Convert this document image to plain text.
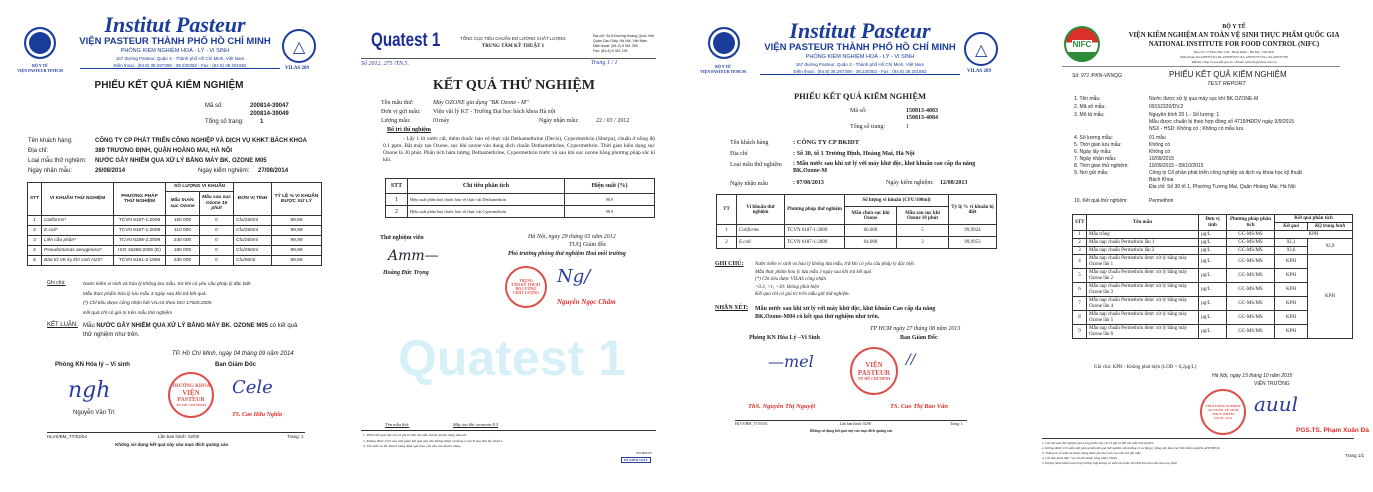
BỘ Y TẾ
VIỆN PASTEUR TP.HCM
Institut Pasteur
VIỆN PASTEUR THÀNH PHỐ HỒ CHÍ MINH
PHÒNG KIỂM NGHIỆM HOÁ - LÝ - VI SINH
167 đường Pasteur, Quận 3 - Thành phố Hồ Chí Minh, Việt Nam
Điện thoại : (84.8) 38.297308 - 38.230352 - Fax : (84.8) 38.201882
△
VILAS 209
PHIẾU KẾT QUẢ KIỂM NGHIỆM
Mã số:	200814-39047
200814-39049
Tổng số trang:	1
Tên khách hàng:	CÔNG TY CP PHÁT TRIỂN CÔNG NGHIỆP VÀ DỊCH VỤ KHKT BÁCH KHOA
Địa chỉ:	389 TRƯƠNG ĐỊNH, QUẬN HOÀNG MAI, HÀ NỘI
Loại mẫu thử nghiệm: NƯỚC GÂY NHIỄM QUA XỬ LÝ BẰNG MÁY BK. OZONE M05
Ngày nhận mẫu:	26/08/2014	Ngày kiểm nghiệm: 27/08/2014
STT	VI KHUẨN THỬ NGHIỆM	PHƯƠNG PHÁP THỬ NGHIỆM	SỐ LƯỢNG VI KHUẨN		ĐƠN VỊ TÍNH	TỶ LỆ % VI KHUẨN ĐƯỢC XỬ LÝ
			Mẫu trước sục Ozone	Mẫu sau sục Ozone 15 phút		
1	Coliforms*	TCVN 6187-1:2009	150 000	0	Cfu/250ml	99,99
2	E.coli*	TCVN 6187-1:2009	110 000	0	Cfu/250ml	99,99
3	Liên cầu phân*	TCVN 6189-2:2009	240 000	0	Cfu/250ml	99,99
4	Pseudomonas aeruginosa*	ISO 16266:2006 (E)	180 000	0	Cfu/250ml	99,99
5	Bào tử VK kỵ khí sinh H2S*	TCVN 6191-2:1996	230 000	0	Cfu/50ml	99,99
Ghi chú:	Nước kiểm vi sinh và hóa lý không lưu mẫu, trừ khi có yêu cầu pháp lý đặc biệt
Mẫu thực phẩm hóa lý lưu mẫu 3 ngày sau khi trả kết quả.
(*) Chỉ tiêu được công nhận bởi VILAS theo ISO 17025:2005
Kết quả chỉ có giá trị trên mẫu thử nghiệm
KẾT LUẬN: Mẫu NƯỚC GÂY NHIỄM QUA XỬ LÝ BẰNG MÁY BK. OZONE M05 có kết quả thử nghiệm như trên.
TP. Hồ Chí Minh, ngày 04 tháng 09 năm 2014
Phòng KN Hóa lý – Vi sinh	Ban Giám Đốc
ngh
Nguyễn Văn Trí
TRƯỞNG KHOA
VIỆN
PASTEUR
TP. HỒ CHÍ MINH
Cele
TS. Cao Hữu Nghĩa
HLVS/BM_TT/03/04	Lần ban hành: 02/00	Trang: 1
Không sử dụng kết quả này vào mục đích quảng cáo
Quatest 1
Quatest 1	TỔNG CỤC TIÊU CHUẨN ĐO LƯỜNG CHẤT LƯỢNG
TRUNG TÂM KỸ THUẬT 1
Địa chỉ: Số 8 Đường Hoàng Quốc Việt
Quận Cầu Giấy, Hà Nội, Việt Nam
Điện thoại: (84-4) 8 361 399
Fax: (84-4) 8 361 199
Số 2012. 275 /TN.5.	Trang 1 / 1
KẾT QUẢ THỬ NGHIỆM
Tên mẫu thử:	Máy OZONE gia dụng "BK Ozone - M"
Đơn vị gửi mẫu: Viện vật lý KT - Trường Đại học bách khoa Hà nội
Lượng mẫu:	01máy	Ngày nhận mẫu:	22 / 03 / 2012
Bố trí thí nghiệm
- Lấy 1 lít nước cất, thêm thuốc bảo vệ thực vật Dethamethrine (Decis), Cypermethrin (Sherpa), chuẩn ở nồng độ 0.1 ppm. Bật máy tạo Ozone, sục khí ozone vào dung dịch chuẩn Dethamethrine, Cypermethrin. Thời gian hiệu dụng sục Ozone là 30 phút. Phân tích hàm lượng Dethamethrine, Cypermethrin trước và sau khi sục ozone bằng phương pháp sắc kí khí.
STT	Chỉ tiêu phân tích	Hiệu suất (%)
1	Hiệu suất phân huỷ thuốc bảo vệ thực vật Dethamethrin	98.9
2	Hiệu suất phân huỷ thuốc bảo vệ thực vật Cypermethrin	98.9
Thử nghiệm viên	Hà Nội, ngày 29 tháng 03 năm 2012
TUQ Giám đốc
Phó trưởng phòng thử nghiệm Hoá môi trường
Amm—
Hoàng Đức Trọng
TRUNG
TÂM KỸ THUẬT
ĐO LƯỜNG
CHẤT LƯỢNG
Ng/
Nguyễn Ngọc Châm
Tên mẫu thử:	Máy tạo khí ozonezin 8.3
1. Phiếu kết quả này chỉ có giá trị đối với mẫu thử do khách hàng đưa tới.
2. Không được trích sao một phần kết quả này nếu không được sự đồng ý của Trung tâm Kỹ thuật 1.
3. Tên mẫu và tên khách hàng được ghi theo yêu cầu của khách hàng.
TN/BM/03
ĐÃ KIỂM SOÁT
BỘ Y TẾ
VIỆN PASTEUR TP.HCM
Institut Pasteur
VIỆN PASTEUR THÀNH PHỐ HỒ CHÍ MINH
PHÒNG KIỂM NGHIỆM HOÁ - LÝ - VI SINH
167 đường Pasteur, Quận 3 - Thành phố Hồ Chí Minh, Việt Nam
Điện thoại : (84.8) 38.297308 - 38.230352 - Fax : (84.8) 38.201882
△
VILAS 209
PHIẾU KẾT QUẢ KIỂM NGHIỆM
Mã số:	150813-4083
150813-4084
Tổng số trang:	1
Tên khách hàng	: CÔNG TY CP BKIDT
Địa chỉ	: Số 30, tổ 1 Trương Định, Hoàng Mai, Hà Nội
Loại mẫu thử nghiệm : Mẫu nước sau khi xử lý với máy khử độc, khử khuẩn cao cấp đa năng BK.Ozone-M
Ngày nhận mẫu	: 07/08/2013	Ngày kiểm nghiệm: 12/08/2013
TT	Vi khuẩn thử nghiệm	Phương pháp thử nghiệm	Số lượng vi khuẩn (CFU/100ml)		Tỷ lệ % vi khuẩn bị diệt
			Mẫu chưa sục khí Ozone	Mẫu sau sục khí Ozone 10 phút	
1	Coliforms	TCVN 6187-1:2009	66.000	5	99,9924
2	E.coli	TCVN 6187-1:2009	64.000	3	99,9953
GHI CHÚ: Nước kiểm vi sinh và hóa lý không lưu mẫu, trừ khi có yêu cầu pháp lý đặc biệt.
Mẫu thực phẩm hóa lý lưu mẫu 3 ngày sau khi trả kết quả
(*) Chỉ tiêu được VILAS công nhận
<0.3, <1, <10: không phát hiện
Kết quả chỉ có giá trị trên mẫu gửi thử nghiệm.
NHẬN XÉT: Mẫu nước sau khi xử lý với máy khử độc, khử khuẩn Cao cấp đa năng
BK.Ozone-M04 có kết quả thử nghiệm như trên.
TP HCM ngày 27 tháng 08 năm 2013
Phòng KN Hóa Lý –Vi Sinh	Ban Giám Đốc
—mel	VIỆN
PASTEUR
TP. HỒ CHÍ MINH
//
ThS. Nguyễn Thị Nguyệt	TS. Cao Thị Bảo Vân
HLVS/BM_TT/03/01	Lần ban hành: 02/00	Trang: 1
Không sử dụng kết quả này vào mục đích quảng cáo
NIFC
BỘ Y TẾ
VIỆN KIỂM NGHIỆM AN TOÀN VỆ SINH THỰC PHẨM QUỐC GIA
NATIONAL INSTITUTE FOR FOOD CONTROL (NIFC)
Địa chỉ: 13 Phan Huy Chú - Hoàn Kiếm - Hà Nội - Việt Nam
Điện thoại: 84-4393357431 84-4393363357/ 84- 439335737 Fax: 84-439335738
Website: http://www.nifc.gov.vn / Email: qlclnifc@yahoo.com.vn
Số: 971 /PKN-VKNQG	PHIẾU KẾT QUẢ KIỂM NGHIỆM
TEST REPORT
1. Tên mẫu:	Nước được xử lý qua máy sục khí BK.OZONE-M
2. Mã số mẫu:	09152320/DV.2
3. Mô tả mẫu:	Nguyên bình 20 L - Số lượng: 1
Mẫu được chuẩn bị theo hợp đồng số 4715/HĐDV ngày 9/9/2015
NSX - HSD: Không có ; Không có mẫu lưu
4. Số lượng mẫu:	01 mẫu
5. Thời gian lưu mẫu:	Không có
6. Ngày lấy mẫu:	Không có
7. Ngày nhận mẫu:	10/09/2015
8. Thời gian thử nghiệm:	10/09/2015 - 09/10/2015
9. Nơi gửi mẫu:	Công ty Cổ phần phát triển công nghiệp và dịch vụ khoa học kỹ thuật
Bách Khoa
Địa chỉ: Số 30 tổ 1, Phường Tương Mai, Quận Hoàng Mai, Hà Nội
10. Kết quả thử nghiệm:	Permethrin
STT	Tên mẫu	Đơn vị tính	Phương pháp phân tích	Kết quả phân tích	
				Kết quả	KQ trung bình
1	Mẫu trắng	µg/L	GC-MS/MS	KPH	
2	Mẫu nạp chuẩn Permethrin lần 1	µg/L	GC-MS/MS	92,1	92,9
3	Mẫu nạp chuẩn Permethrin lần 2	µg/L	GC-MS/MS	93,6	
4	Mẫu nạp chuẩn Permethrin được xử lý bằng máy Ozone lần 1	µg/L	GC-MS/MS	KPH	KPH
5	Mẫu nạp chuẩn Permethrin được xử lý bằng máy Ozone lần 2	µg/L	GC-MS/MS	KPH	
6	Mẫu nạp chuẩn Permethrin được xử lý bằng máy Ozone lần 3	µg/L	GC-MS/MS	KPH	
7	Mẫu nạp chuẩn Permethrin được xử lý bằng máy Ozone lần 4	µg/L	GC-MS/MS	KPH	
8	Mẫu nạp chuẩn Permethrin được xử lý bằng máy Ozone lần 5	µg/L	GC-MS/MS	KPH	
9	Mẫu nạp chuẩn Permethrin được xử lý bằng máy Ozone lần 6	µg/L	GC-MS/MS	KPH	
Ghi chú: KPH - Không phát hiện (LOD = 0,2µg/L)
Hà Nội, ngày 15 tháng 10 năm 2015
VIỆN TRƯỞNG
VIỆN KIỂM NGHIỆM
AN TOÀN VỆ SINH
THỰC PHẨM
QUỐC GIA
auul
PGS.TS. Phạm Xuân Đà
1. Các kết quả thử nghiệm ghi trong phiếu này chỉ có giá trị đối với mẫu thử nghiệm
2. Không được trích dẫn một phần phiếu kết quả thử nghiệm nếu không có sự đồng ý bằng văn bản của Viện Kiểm nghiệm ATVSTPQG
3. Thông tin về mẫu và khách hàng được ghi theo yêu cầu của nơi gửi mẫu
4. Chỉ tiêu đánh dấu * là chỉ tiêu được công nhận VILAS
5. Không nhận khiếu nại trong trường hợp không có mẫu lưu hoặc hết thời hạn lưu mẫu theo quy định
Trang 1/1
